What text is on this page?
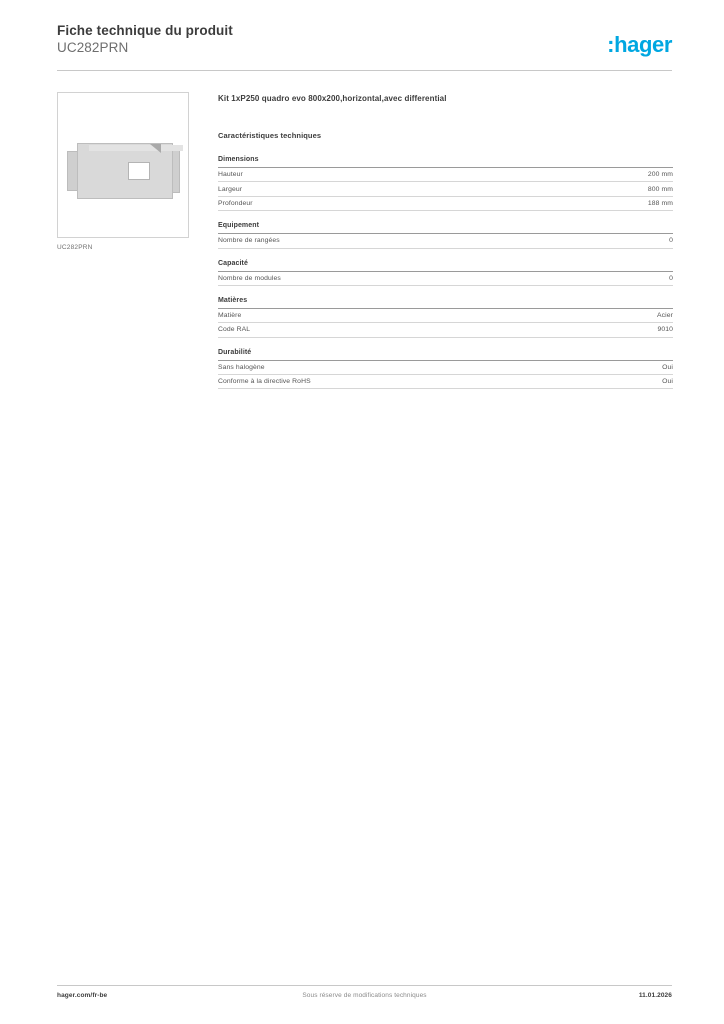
Fiche technique du produit
UC282PRN	:hager
UC282PRN
Kit 1xP250 quadro evo 800x200,horizontal,avec differential
Caractéristiques techniques
Dimensions
Hauteur	200 mm
Largeur	800 mm
Profondeur	188 mm
Equipement
Nombre de rangées	0
Capacité
Nombre de modules	0
Matières
Matière	Acier
Code RAL	9010
Durabilité
Sans halogène	Oui
Conforme à la directive RoHS	Oui
hager.com/fr-be	Sous réserve de modifications techniques	11.01.2026
